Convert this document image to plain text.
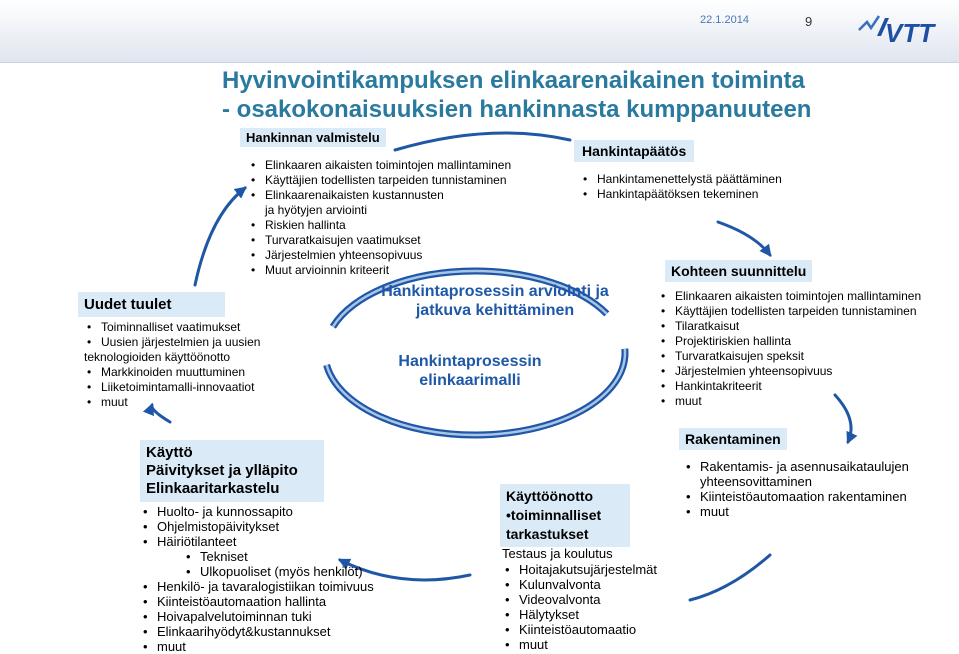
22.1.2014	9	VTT
Hyvinvointikampuksen elinkaarenaikainen toiminta
- osakokonaisuuksien hankinnasta kumppanuuteen
Hankinnan valmistelu
• Elinkaaren aikaisten toimintojen mallintaminen
• Käyttäjien todellisten tarpeiden tunnistaminen
• Elinkaarenaikaisten kustannusten
ja hyötyjen arviointi
• Riskien hallinta
• Turvaratkaisujen vaatimukset
• Järjestelmien yhteensopivuus
• Muut arvioinnin kriteerit
Hankintapäätös
• Hankintamenettelystä päättäminen
• Hankintapäätöksen tekeminen
Kohteen suunnittelu
• Elinkaaren aikaisten toimintojen mallintaminen
• Käyttäjien todellisten tarpeiden tunnistaminen
• Tilaratkaisut
• Projektiriskien hallinta
• Turvaratkaisujen speksit
• Järjestelmien yhteensopivuus
• Hankintakriteerit
• muut
Uudet tuulet
• Toiminnalliset vaatimukset
• Uusien järjestelmien ja uusien
teknologioiden käyttöönotto
• Markkinoiden muuttuminen
• Liiketoimintamalli-innovaatiot
• muut
Hankintaprosessin arviointi ja
jatkuva kehittäminen
Hankintaprosessin
elinkaarimalli
Käyttö
Päivitykset ja ylläpito
Elinkaaritarkastelu
• Huolto- ja kunnossapito
• Ohjelmistopäivitykset
• Häiriötilanteet
• Tekniset
• Ulkopuoliset (myös henkilöt)
• Henkilö- ja tavaralogistiikan toimivuus
• Kiinteistöautomaation hallinta
• Hoivapalvelutoiminnan tuki
• Elinkaarihyödyt&kustannukset
• muut
Käyttöönotto
•toiminnalliset
tarkastukset
Testaus ja koulutus
• Hoitajakutsujärjestelmät
• Kulunvalvonta
• Videovalvonta
• Hälytykset
• Kiinteistöautomaatio
• muut
Rakentaminen
• Rakentamis- ja asennusaikataulujen
yhteensovittaminen
• Kiinteistöautomaation rakentaminen
• muut
